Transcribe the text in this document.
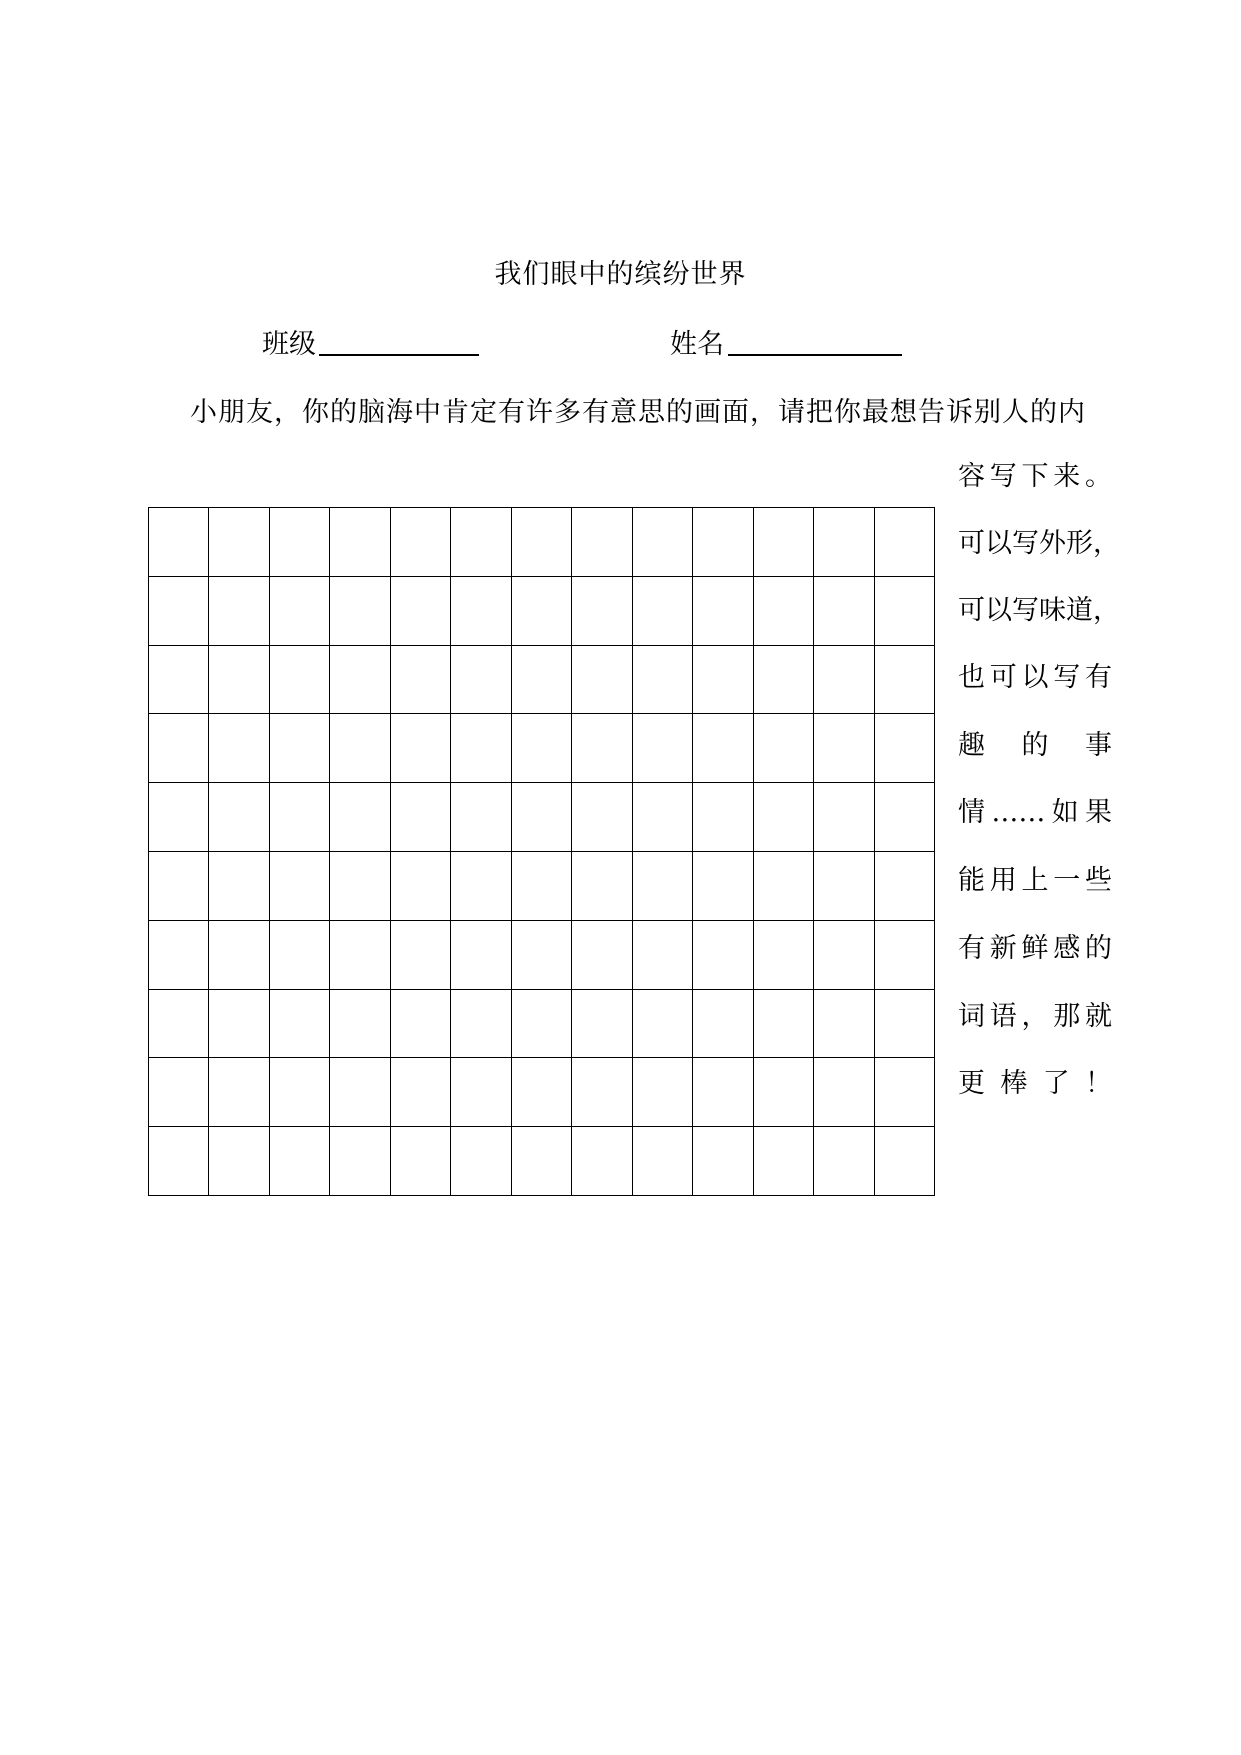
我们眼中的缤纷世界
班级	姓名
小朋友，你的脑海中肯定有许多有意思的画面，请把你最想告诉别人的内
容写下来。
可以写外形，
可以写味道，
也可以写有
趣的事
情……如果
能用上一些
有新鲜感的
词语，那就
更棒了！
